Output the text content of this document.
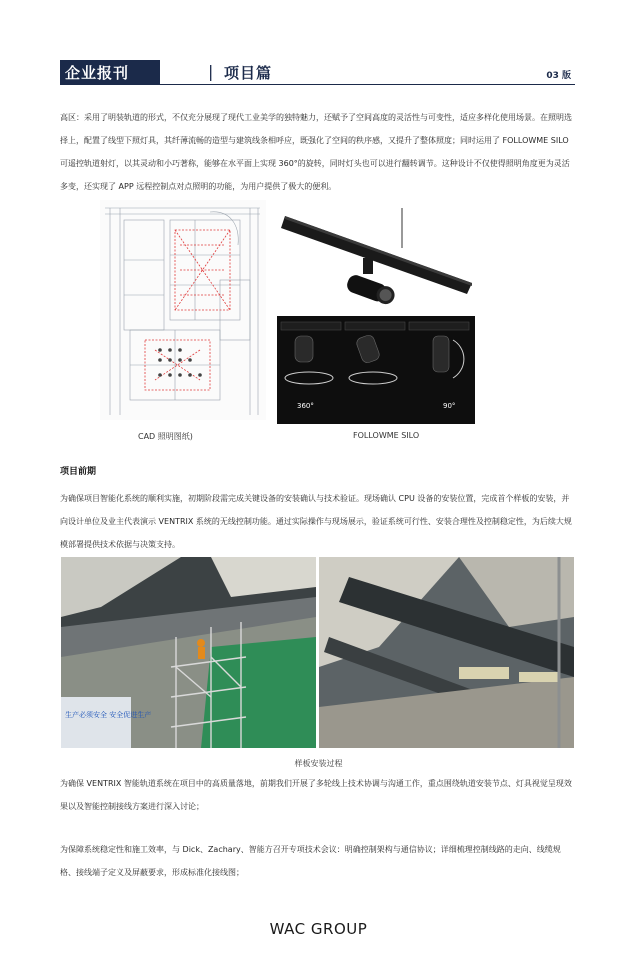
企业报刊	| 项目篇	03 版
高区：采用了明装轨道的形式，不仅充分展现了现代工业美学的独特魅力，还赋予了空间高度的灵活性与可变性，适应多样化使用场景。在照明选择上，配置了线型下照灯具，其纤薄流畅的造型与建筑线条相呼应，既强化了空间的秩序感，又提升了整体照度；同时运用了 FOLLOWME SILO 可遥控轨道射灯，以其灵动和小巧著称，能够在水平面上实现 360°的旋转，同时灯头也可以进行翻转调节。这种设计不仅使得照明角度更为灵活多变，还实现了 APP 远程控制点对点照明的功能，为用户提供了极大的便利。
360°	90°
CAD 照明图纸)	FOLLOWME SILO
项目前期
为确保项目智能化系统的顺利实施，初期阶段需完成关键设备的安装确认与技术验证。现场确认 CPU 设备的安装位置，完成首个样板的安装，并向设计单位及业主代表演示 VENTRIX 系统的无线控制功能。通过实际操作与现场展示，验证系统可行性、安装合理性及控制稳定性，为后续大规模部署提供技术依据与决策支持。
生产必须安全 安全促进生产
样板安装过程
为确保 VENTRIX 智能轨道系统在项目中的高质量落地，前期我们开展了多轮线上技术协调与沟通工作，重点围绕轨道安装节点、灯具视觉呈现效果以及智能控制接线方案进行深入讨论；
为保障系统稳定性和施工效率，与 Dick、Zachary、智能方召开专项技术会议：明确控制架构与通信协议；详细梳理控制线路的走向、线缆规格、接线端子定义及屏蔽要求，形成标准化接线图；
WAC GROUP
